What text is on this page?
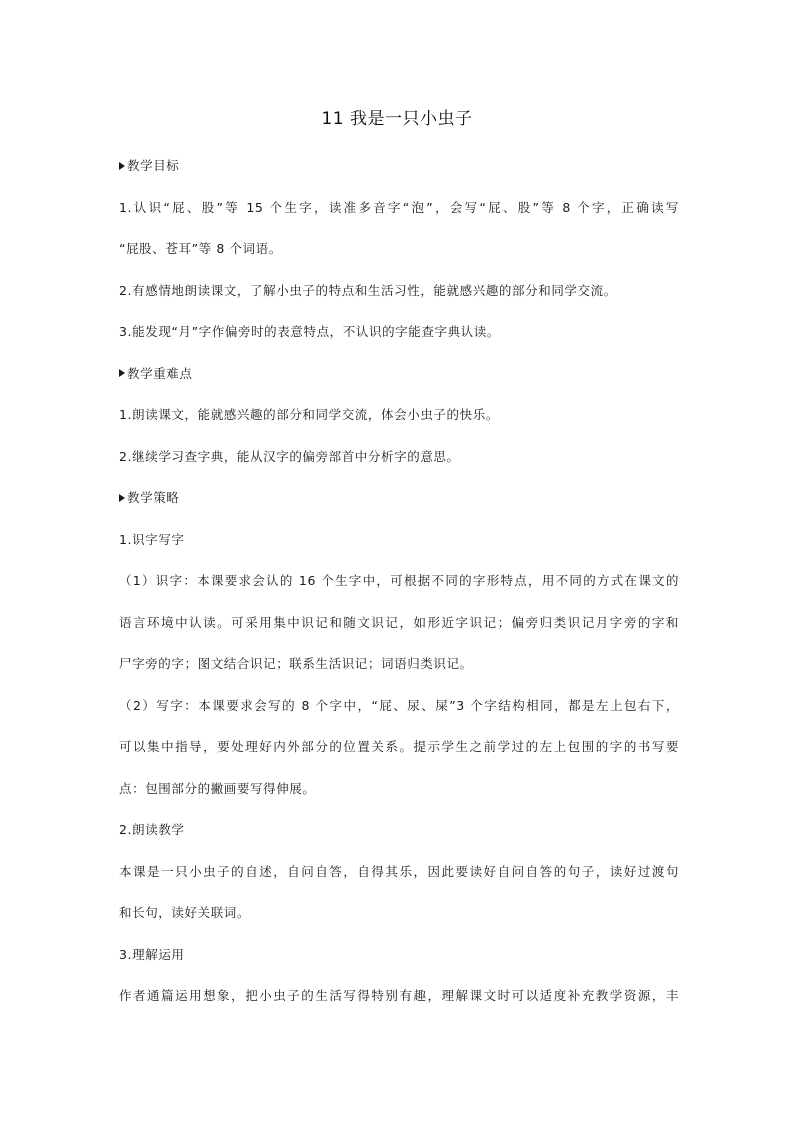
11 我是一只小虫子
教学目标
1.认识“屁、股”等 15 个生字，读准多音字“泡”，会写“屁、股”等 8 个字，正确读写
“屁股、苍耳”等 8 个词语。
2.有感情地朗读课文，了解小虫子的特点和生活习性，能就感兴趣的部分和同学交流。
3.能发现“月”字作偏旁时的表意特点，不认识的字能查字典认读。
教学重难点
1.朗读课文，能就感兴趣的部分和同学交流，体会小虫子的快乐。
2.继续学习查字典，能从汉字的偏旁部首中分析字的意思。
教学策略
1.识字写字
（1）识字：本课要求会认的 16 个生字中，可根据不同的字形特点，用不同的方式在课文的
语言环境中认读。可采用集中识记和随文识记，如形近字识记；偏旁归类识记月字旁的字和
尸字旁的字；图文结合识记；联系生活识记；词语归类识记。
（2）写字：本课要求会写的 8 个字中，“屁、尿、屎”3 个字结构相同，都是左上包右下，
可以集中指导，要处理好内外部分的位置关系。提示学生之前学过的左上包围的字的书写要
点：包围部分的撇画要写得伸展。
2.朗读教学
本课是一只小虫子的自述，自问自答，自得其乐，因此要读好自问自答的句子，读好过渡句
和长句，读好关联词。
3.理解运用
作者通篇运用想象，把小虫子的生活写得特别有趣，理解课文时可以适度补充教学资源，丰
